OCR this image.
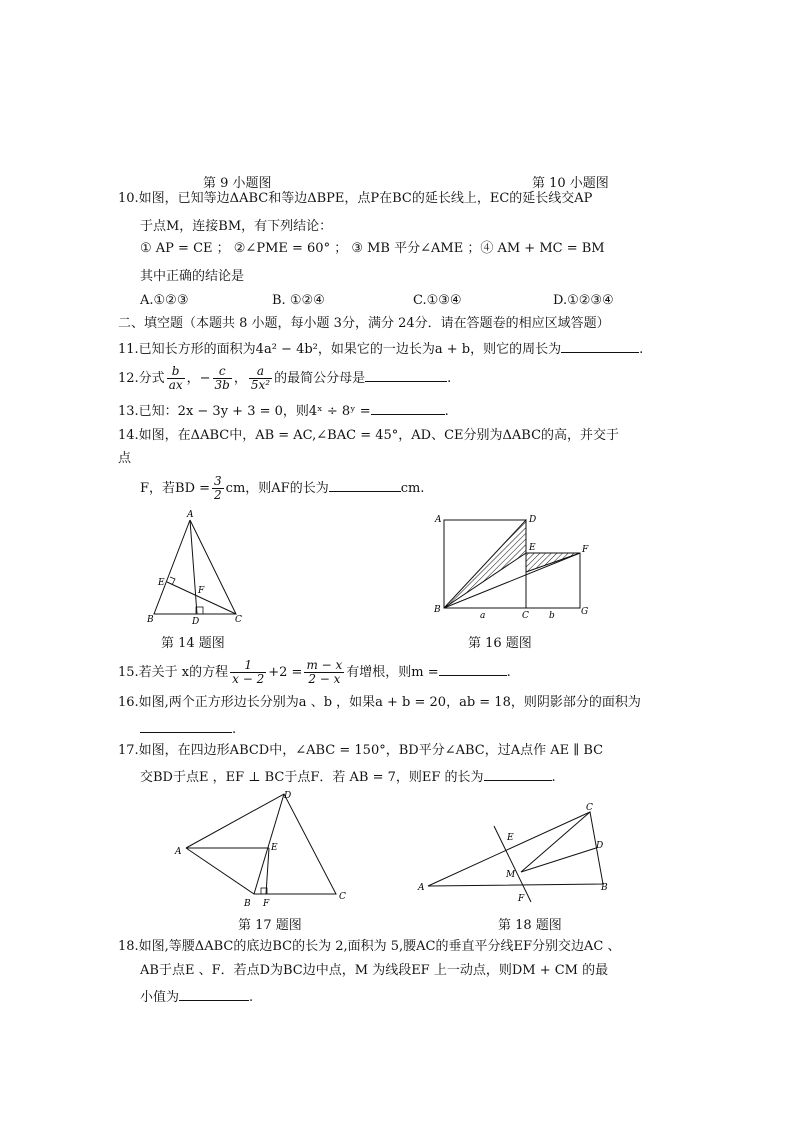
第 9 小题图	第 10 小题图
10.如图，已知等边ΔABC和等边ΔBPE，点P在BC的延长线上，EC的延长线交AP
于点M，连接BM，有下列结论：
① AP = CE ； ②∠PME = 60° ； ③ MB 平分∠AME ；④ AM + MC = BM
其中正确的结论是
A.①②③	B. ①②④	C.①③④	D.①②③④
二、填空题（本题共 8 小题，每小题 3分，满分 24分．请在答题卷的相应区域答题）
11.已知长方形的面积为4a² − 4b²，如果它的一边长为a + b，则它的周长为	.
12.分式 $\frac{b}{ax}$ ，− $\frac{c}{3b}$ ， $\frac{a}{\text{5x²}}$ 的最简公分母是	.
13.已知：2x − 3y + 3 = 0，则4ˣ ÷ 8ʸ =	.
14.如图，在ΔABC中，AB = AC,∠BAC = 45°，AD、CE分别为ΔABC的高，并交于
点
F，若BD = $\frac{3}{2}$ cm，则AF的长为	cm.
A
E
F
B	D	C
第 14 题图
A	D
E	F
B
C	G
a	b
第 16 题图
15.若关于 x的方程 $\frac{1}{x - 2} +2 = \frac{m - x}{2 - x}$ 有增根，则m =	.
16.如图,两个正方形边长分别为a 、b ，如果a + b = 20，ab = 18，则阴影部分的面积为
.
17.如图，在四边形ABCD中，∠ABC = 150°，BD平分∠ABC，过A点作 AE ∥ BC
交BD于点E ，EF ⊥ BC于点F．若 AB = 7，则EF 的长为	.
D
A	E
B F
C
第 17 题图
C
E
D
M
A
F
B
第 18 题图
18.如图,等腰ΔABC的底边BC的长为 2,面积为 5,腰AC的垂直平分线EF分别交边AC 、
AB于点E 、F．若点D为BC边中点，M 为线段EF 上一动点，则DM + CM 的最
小值为	.
